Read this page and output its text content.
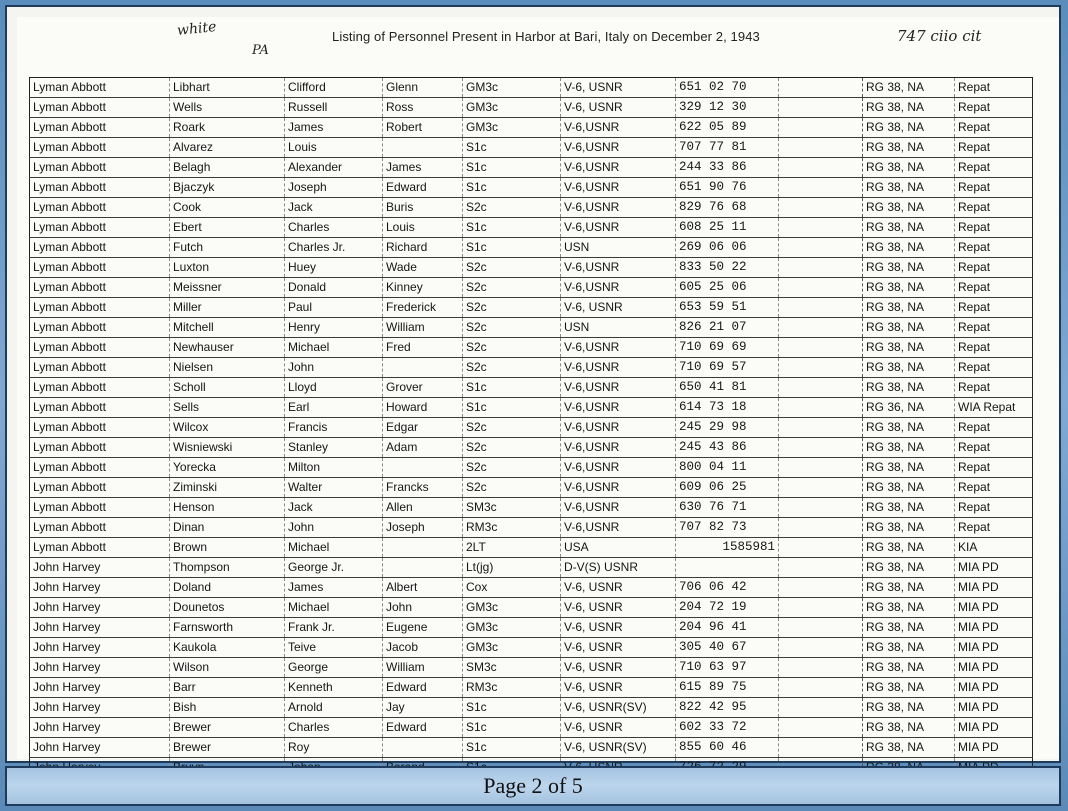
white
PA
747 ciio cit
Listing of Personnel Present in Harbor at Bari, Italy on December 2, 1943
Lyman Abbott	Libhart	Clifford	Glenn	GM3c	V-6, USNR	651 02 70		RG 38, NA	Repat
Lyman Abbott	Wells	Russell	Ross	GM3c	V-6, USNR	329 12 30		RG 38, NA	Repat
Lyman Abbott	Roark	James	Robert	GM3c	V-6,USNR	622 05 89		RG 38, NA	Repat
Lyman Abbott	Alvarez	Louis		S1c	V-6,USNR	707 77 81		RG 38, NA	Repat
Lyman Abbott	Belagh	Alexander	James	S1c	V-6,USNR	244 33 86		RG 38, NA	Repat
Lyman Abbott	Bjaczyk	Joseph	Edward	S1c	V-6,USNR	651 90 76		RG 38, NA	Repat
Lyman Abbott	Cook	Jack	Buris	S2c	V-6,USNR	829 76 68		RG 38, NA	Repat
Lyman Abbott	Ebert	Charles	Louis	S1c	V-6,USNR	608 25 11		RG 38, NA	Repat
Lyman Abbott	Futch	Charles Jr.	Richard	S1c	USN	269 06 06		RG 38, NA	Repat
Lyman Abbott	Luxton	Huey	Wade	S2c	V-6,USNR	833 50 22		RG 38, NA	Repat
Lyman Abbott	Meissner	Donald	Kinney	S2c	V-6,USNR	605 25 06		RG 38, NA	Repat
Lyman Abbott	Miller	Paul	Frederick	S2c	V-6, USNR	653 59 51		RG 38, NA	Repat
Lyman Abbott	Mitchell	Henry	William	S2c	USN	826 21 07		RG 38, NA	Repat
Lyman Abbott	Newhauser	Michael	Fred	S2c	V-6,USNR	710 69 69		RG 38, NA	Repat
Lyman Abbott	Nielsen	John		S2c	V-6,USNR	710 69 57		RG 38, NA	Repat
Lyman Abbott	Scholl	Lloyd	Grover	S1c	V-6,USNR	650 41 81		RG 38, NA	Repat
Lyman Abbott	Sells	Earl	Howard	S1c	V-6,USNR	614 73 18		RG 36, NA	WIA Repat
Lyman Abbott	Wilcox	Francis	Edgar	S2c	V-6,USNR	245 29 98		RG 38, NA	Repat
Lyman Abbott	Wisniewski	Stanley	Adam	S2c	V-6,USNR	245 43 86		RG 38, NA	Repat
Lyman Abbott	Yorecka	Milton		S2c	V-6,USNR	800 04 11		RG 38, NA	Repat
Lyman Abbott	Ziminski	Walter	Francks	S2c	V-6,USNR	609 06 25		RG 38, NA	Repat
Lyman Abbott	Henson	Jack	Allen	SM3c	V-6,USNR	630 76 71		RG 38, NA	Repat
Lyman Abbott	Dinan	John	Joseph	RM3c	V-6,USNR	707 82 73		RG 38, NA	Repat
Lyman Abbott	Brown	Michael		2LT	USA	1585981		RG 38, NA	KIA
John Harvey	Thompson	George Jr.		Lt(jg)	D-V(S) USNR			RG 38, NA	MIA PD
John Harvey	Doland	James	Albert	Cox	V-6, USNR	706 06 42		RG 38, NA	MIA PD
John Harvey	Dounetos	Michael	John	GM3c	V-6, USNR	204 72 19		RG 38, NA	MIA PD
John Harvey	Farnsworth	Frank Jr.	Eugene	GM3c	V-6, USNR	204 96 41		RG 38, NA	MIA PD
John Harvey	Kaukola	Teive	Jacob	GM3c	V-6, USNR	305 40 67		RG 38, NA	MIA PD
John Harvey	Wilson	George	William	SM3c	V-6, USNR	710 63 97		RG 38, NA	MIA PD
John Harvey	Barr	Kenneth	Edward	RM3c	V-6, USNR	615 89 75		RG 38, NA	MIA PD
John Harvey	Bish	Arnold	Jay	S1c	V-6, USNR(SV)	822 42 95		RG 38, NA	MIA PD
John Harvey	Brewer	Charles	Edward	S1c	V-6, USNR	602 33 72		RG 38, NA	MIA PD
John Harvey	Brewer	Roy		S1c	V-6, USNR(SV)	855 60 46		RG 38, NA	MIA PD

Page 2 of 5
